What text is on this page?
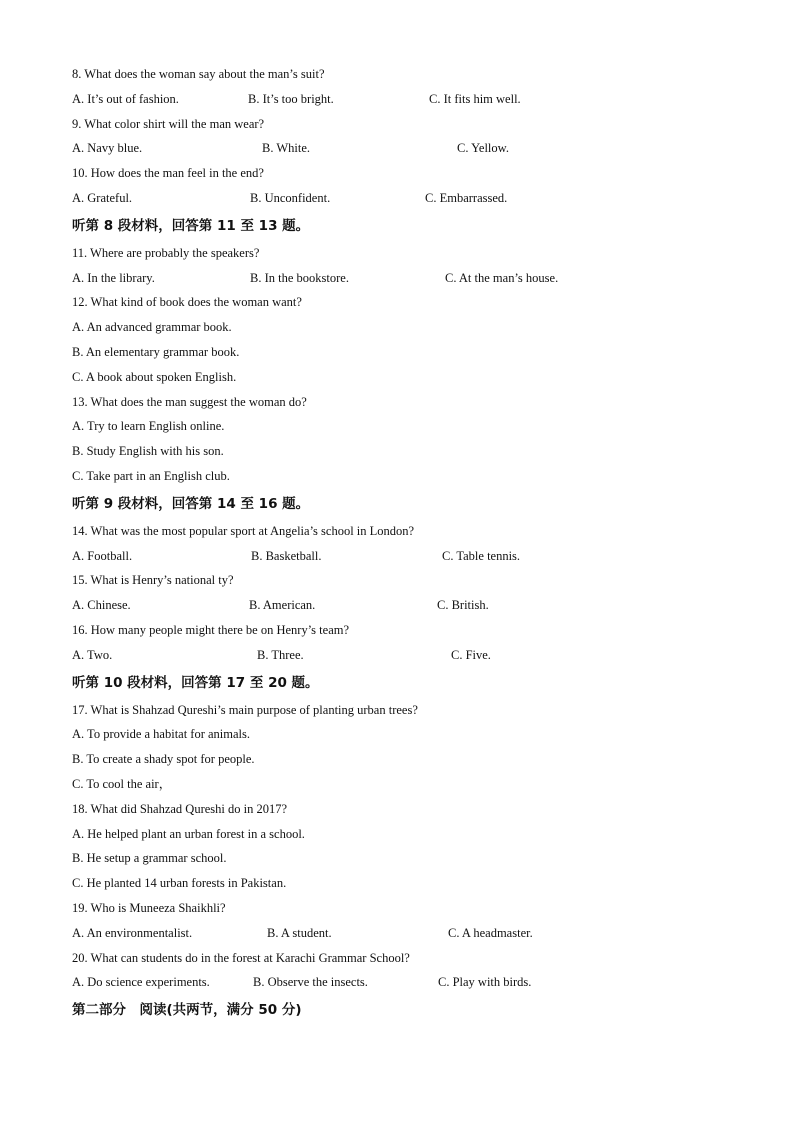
8. What does the woman say about the man’s suit?
A. It’s out of fashion.	B. It’s too bright.	C. It fits him well.
9. What color shirt will the man wear?
A. Navy blue.	B. White.	C. Yellow.
10. How does the man feel in the end?
A. Grateful.	B. Unconfident.	C. Embarrassed.
听第 8 段材料，回答第 11 至 13 题。
11. Where are probably the speakers?
A. In the library.	B. In the bookstore.	C. At the man’s house.
12. What kind of book does the woman want?
A. An advanced grammar book.
B. An elementary grammar book.
C. A book about spoken English.
13. What does the man suggest the woman do?
A. Try to learn English online.
B. Study English with his son.
C. Take part in an English club.
听第 9 段材料，回答第 14 至 16 题。
14. What was the most popular sport at Angelia’s school in London?
A. Football.	B. Basketball.	C. Table tennis.
15. What is Henry’s national ty?
A. Chinese.	B. American.	C. British.
16. How many people might there be on Henry’s team?
A. Two.	B. Three.	C. Five.
听第 10 段材料，回答第 17 至 20 题。
17. What is Shahzad Qureshi’s main purpose of planting urban trees?
A. To provide a habitat for animals.
B. To create a shady spot for people.
C. To cool the air，
18. What did Shahzad Qureshi do in 2017?
A. He helped plant an urban forest in a school.
B. He setup a grammar school.
C. He planted 14 urban forests in Pakistan.
19. Who is Muneeza Shaikhli?
A. An environmentalist.	B. A student.	C. A headmaster.
20. What can students do in the forest at Karachi Grammar School?
A. Do science experiments.	B. Observe the insects.	C. Play with birds.
第二部分　阅读(共两节，满分 50 分)
